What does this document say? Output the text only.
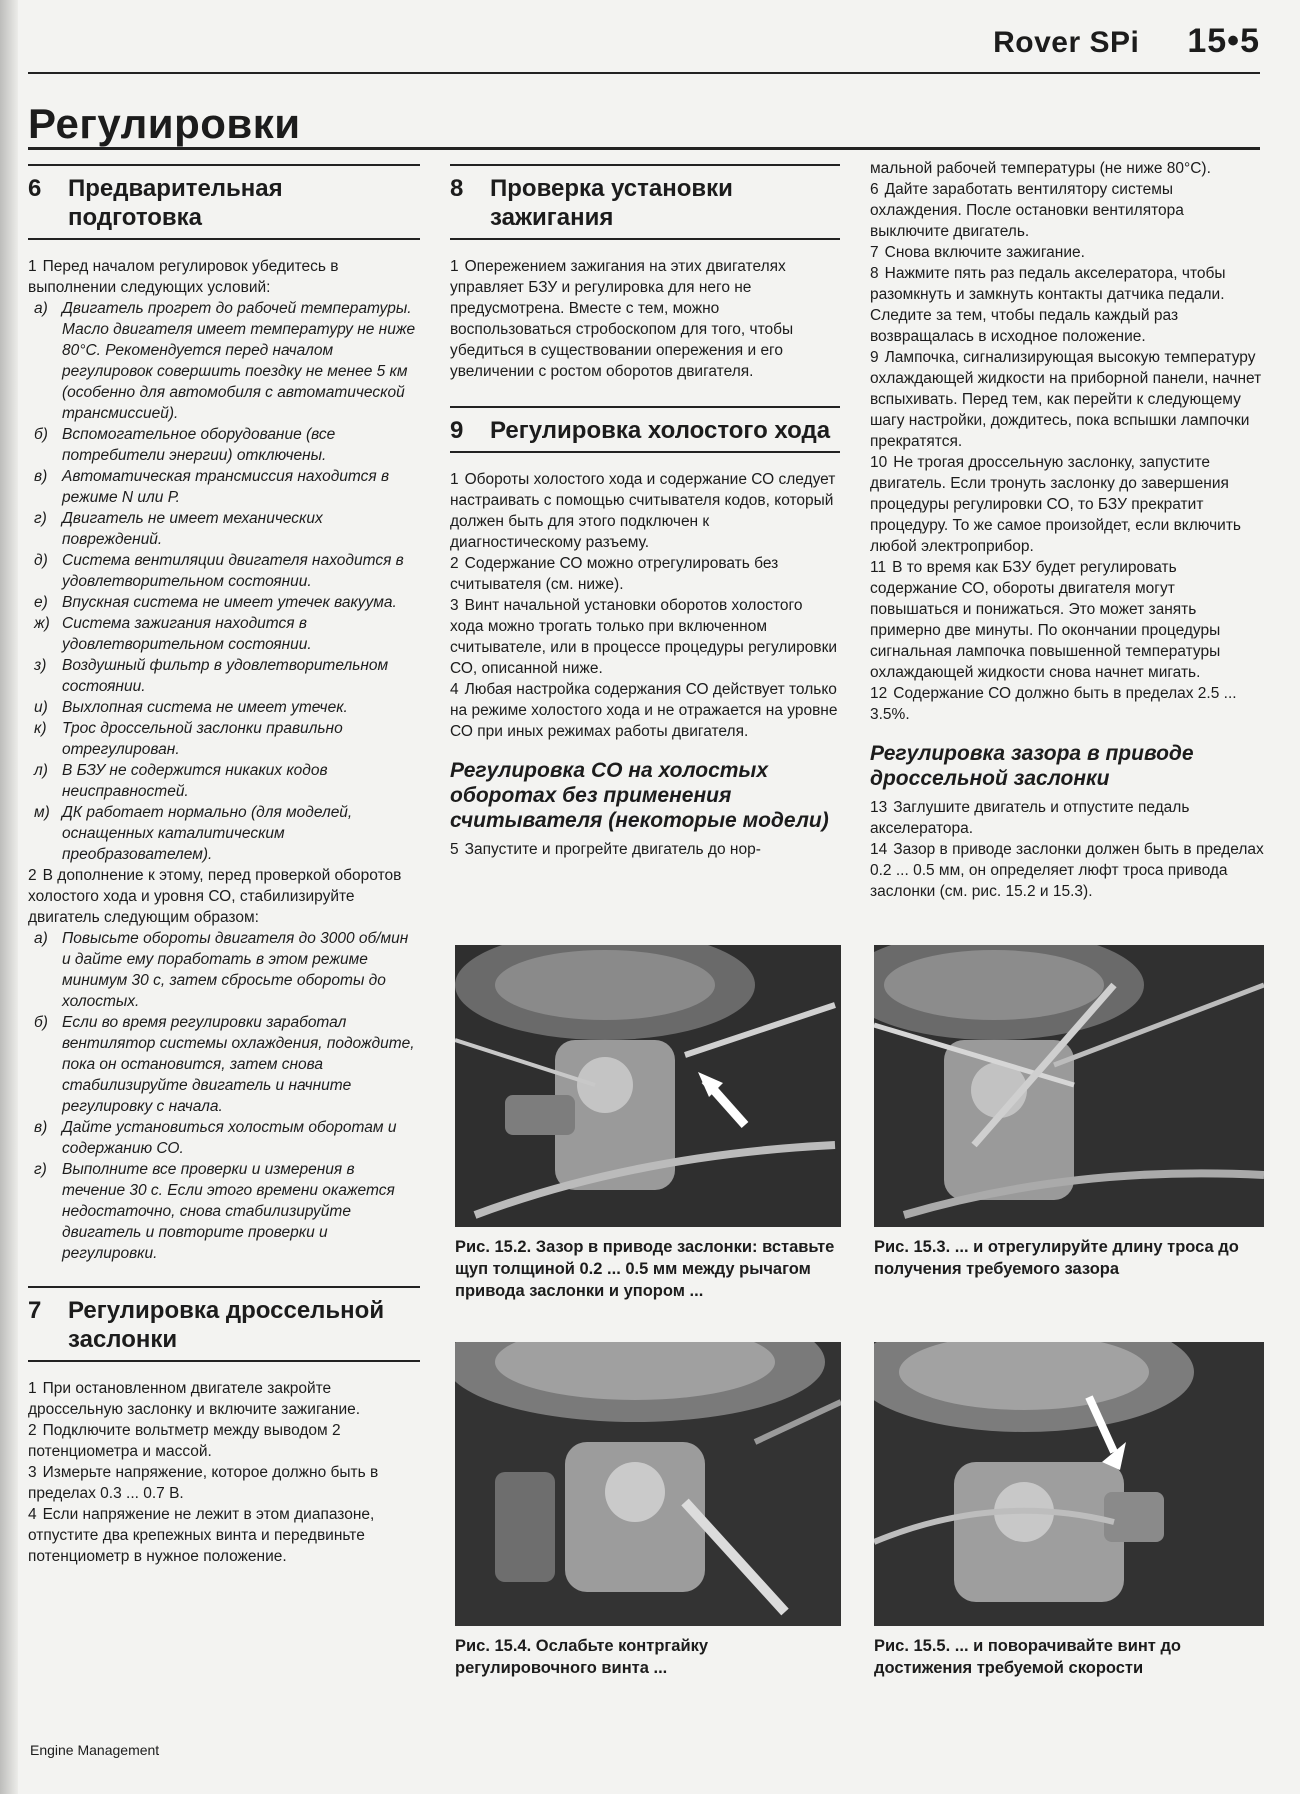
Rover SPi 15•5
Регулировки
6	Предварительная подготовка

1 Перед началом регулировок убедитесь в выполнении следующих условий:

а) Двигатель прогрет до рабочей температуры. Масло двигателя имеет температуру не ниже 80°С. Рекомендуется перед началом регулировок совершить поездку не менее 5 км (особенно для автомобиля с автоматической трансмиссией).

б) Вспомогательное оборудование (все потребители энергии) отключены.

в) Автоматическая трансмиссия находится в режиме N или Р.

г) Двигатель не имеет механических повреждений.

д) Система вентиляции двигателя находится в удовлетворительном состоянии.

е) Впускная система не имеет утечек вакуума.

ж) Система зажигания находится в удовлетворительном состоянии.

з) Воздушный фильтр в удовлетворительном состоянии.

и) Выхлопная система не имеет утечек.

к) Трос дроссельной заслонки правильно отрегулирован.

л) В БЗУ не содержится никаких кодов неисправностей.

м) ДК работает нормально (для моделей, оснащенных каталитическим преобразователем).

2 В дополнение к этому, перед проверкой оборотов холостого хода и уровня СО, стабилизируйте двигатель следующим образом:

а) Повысьте обороты двигателя до 3000 об/мин и дайте ему поработать в этом режиме минимум 30 с, затем сбросьте обороты до холостых.

б) Если во время регулировки заработал вентилятор системы охлаждения, подождите, пока он остановится, затем снова стабилизируйте двигатель и начните регулировку с начала.

в) Дайте установиться холостым оборотам и содержанию СО.

г) Выполните все проверки и измерения в течение 30 с. Если этого времени окажется недостаточно, снова стабилизируйте двигатель и повторите проверки и регулировки.

7	Регулировка дроссельной заслонки

1 При остановленном двигателе закройте дроссельную заслонку и включите зажигание.

2 Подключите вольтметр между выводом 2 потенциометра и массой.

3 Измерьте напряжение, которое должно быть в пределах 0.3 ... 0.7 В.

4 Если напряжение не лежит в этом диапазоне, отпустите два крепежных винта и передвиньте потенциометр в нужное положение.

8	Проверка установки зажигания

1 Опережением зажигания на этих двигателях управляет БЗУ и регулировка для него не предусмотрена. Вместе с тем, можно воспользоваться стробоскопом для того, чтобы убедиться в существовании опережения и его увеличении с ростом оборотов двигателя.

9	Регулировка холостого хода

1 Обороты холостого хода и содержание СО следует настраивать с помощью считывателя кодов, который должен быть для этого подключен к диагностическому разъему.

2 Содержание СО можно отрегулировать без считывателя (см. ниже).

3 Винт начальной установки оборотов холостого хода можно трогать только при включенном считывателе, или в процессе процедуры регулировки СО, описанной ниже.

4 Любая настройка содержания СО действует только на режиме холостого хода и не отражается на уровне СО при иных режимах работы двигателя.

Регулировка СО на холостых оборотах без применения считывателя (некоторые модели)

5 Запустите и прогрейте двигатель до нор-

мальной рабочей температуры (не ниже 80°С).

6 Дайте заработать вентилятору системы охлаждения. После остановки вентилятора выключите двигатель.

7 Снова включите зажигание.

8 Нажмите пять раз педаль акселератора, чтобы разомкнуть и замкнуть контакты датчика педали. Следите за тем, чтобы педаль каждый раз возвращалась в исходное положение.

9 Лампочка, сигнализирующая высокую температуру охлаждающей жидкости на приборной панели, начнет вспыхивать. Перед тем, как перейти к следующему шагу настройки, дождитесь, пока вспышки лампочки прекратятся.

10 Не трогая дроссельную заслонку, запустите двигатель. Если тронуть заслонку до завершения процедуры регулировки СО, то БЗУ прекратит процедуру. То же самое произойдет, если включить любой электроприбор.

11 В то время как БЗУ будет регулировать содержание СО, обороты двигателя могут повышаться и понижаться. Это может занять примерно две минуты. По окончании процедуры сигнальная лампочка повышенной температуры охлаждающей жидкости снова начнет мигать.

12 Содержание СО должно быть в пределах 2.5 ... 3.5%.

Регулировка зазора в приводе дроссельной заслонки

13 Заглушите двигатель и отпустите педаль акселератора.

14 Зазор в приводе заслонки должен быть в пределах 0.2 ... 0.5 мм, он определяет люфт троса привода заслонки (см. рис. 15.2 и 15.3).

Рис. 15.2. Зазор в приводе заслонки: вставьте щуп толщиной 0.2 ... 0.5 мм между рычагом привода заслонки и упором ...
Рис. 15.3. ... и отрегулируйте длину троса до получения требуемого зазора
Рис. 15.4. Ослабьте контргайку регулировочного винта ...
Рис. 15.5. ... и поворачивайте винт до достижения требуемой скорости
Engine Management
